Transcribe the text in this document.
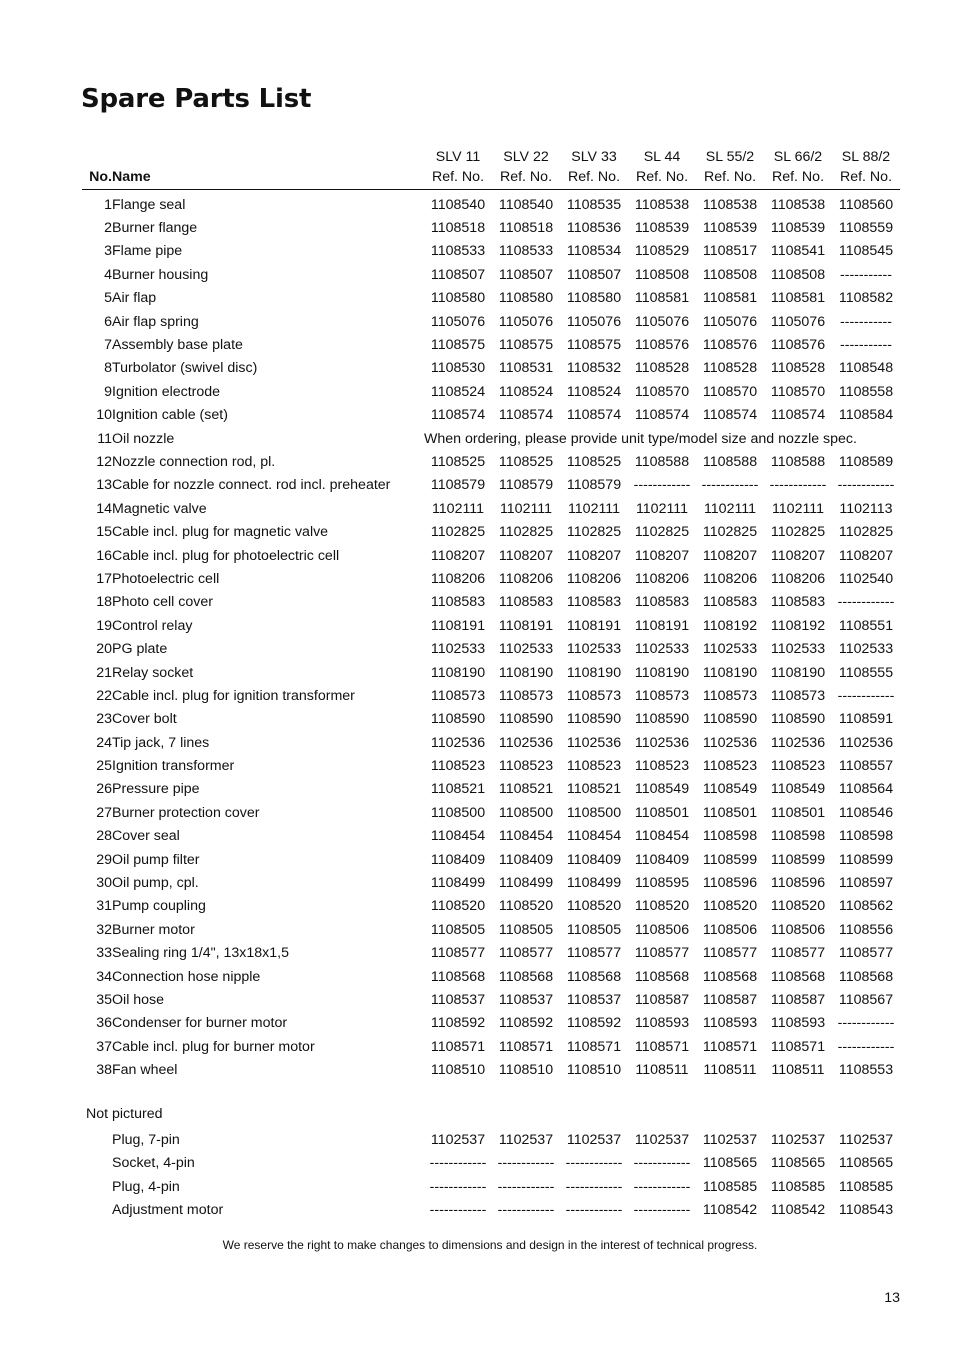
Spare Parts List
		SLV 11	SLV 22	SLV 33	SL 44	SL 55/2	SL 66/2	SL 88/2
No.	Name	Ref. No.	Ref. No.	Ref. No.	Ref. No.	Ref. No.	Ref. No.	Ref. No.

1	Flange seal	1108540	1108540	1108535	1108538	1108538	1108538	1108560
2	Burner flange	1108518	1108518	1108536	1108539	1108539	1108539	1108559
3	Flame pipe	1108533	1108533	1108534	1108529	1108517	1108541	1108545
4	Burner housing	1108507	1108507	1108507	1108508	1108508	1108508	-----------
5	Air flap	1108580	1108580	1108580	1108581	1108581	1108581	1108582
6	Air flap spring	1105076	1105076	1105076	1105076	1105076	1105076	-----------
7	Assembly base plate	1108575	1108575	1108575	1108576	1108576	1108576	-----------
8	Turbolator (swivel disc)	1108530	1108531	1108532	1108528	1108528	1108528	1108548
9	Ignition electrode	1108524	1108524	1108524	1108570	1108570	1108570	1108558
10	Ignition cable (set)	1108574	1108574	1108574	1108574	1108574	1108574	1108584
11	Oil nozzle	When ordering, please provide unit type/model size and nozzle spec.						
12	Nozzle connection rod, pl.	1108525	1108525	1108525	1108588	1108588	1108588	1108589
13	Cable for nozzle connect. rod incl. preheater	1108579	1108579	1108579	------------	------------	------------	------------
14	Magnetic valve	1102111	1102111	1102111	1102111	1102111	1102111	1102113
15	Cable incl. plug for magnetic valve	1102825	1102825	1102825	1102825	1102825	1102825	1102825
16	Cable incl. plug for photoelectric cell	1108207	1108207	1108207	1108207	1108207	1108207	1108207
17	Photoelectric cell	1108206	1108206	1108206	1108206	1108206	1108206	1102540
18	Photo cell cover	1108583	1108583	1108583	1108583	1108583	1108583	------------
19	Control relay	1108191	1108191	1108191	1108191	1108192	1108192	1108551
20	PG plate	1102533	1102533	1102533	1102533	1102533	1102533	1102533
21	Relay socket	1108190	1108190	1108190	1108190	1108190	1108190	1108555
22	Cable incl. plug for ignition transformer	1108573	1108573	1108573	1108573	1108573	1108573	------------
23	Cover bolt	1108590	1108590	1108590	1108590	1108590	1108590	1108591
24	Tip jack, 7 lines	1102536	1102536	1102536	1102536	1102536	1102536	1102536
25	Ignition transformer	1108523	1108523	1108523	1108523	1108523	1108523	1108557
26	Pressure pipe	1108521	1108521	1108521	1108549	1108549	1108549	1108564
27	Burner protection cover	1108500	1108500	1108500	1108501	1108501	1108501	1108546
28	Cover seal	1108454	1108454	1108454	1108454	1108598	1108598	1108598
29	Oil pump filter	1108409	1108409	1108409	1108409	1108599	1108599	1108599
30	Oil pump, cpl.	1108499	1108499	1108499	1108595	1108596	1108596	1108597
31	Pump coupling	1108520	1108520	1108520	1108520	1108520	1108520	1108562
32	Burner motor	1108505	1108505	1108505	1108506	1108506	1108506	1108556
33	Sealing ring 1/4", 13x18x1,5	1108577	1108577	1108577	1108577	1108577	1108577	1108577
34	Connection hose nipple	1108568	1108568	1108568	1108568	1108568	1108568	1108568
35	Oil hose	1108537	1108537	1108537	1108587	1108587	1108587	1108567
36	Condenser for burner motor	1108592	1108592	1108592	1108593	1108593	1108593	------------
37	Cable incl. plug for burner motor	1108571	1108571	1108571	1108571	1108571	1108571	------------
38	Fan wheel	1108510	1108510	1108510	1108511	1108511	1108511	1108553
Not pictured
	Plug, 7-pin	1102537	1102537	1102537	1102537	1102537	1102537	1102537
	Socket, 4-pin	------------	------------	------------	------------	1108565	1108565	1108565
	Plug, 4-pin	------------	------------	------------	------------	1108585	1108585	1108585
	Adjustment motor	------------	------------	------------	------------	1108542	1108542	1108543
We reserve the right to make changes to dimensions and design in the interest of technical progress.
13
